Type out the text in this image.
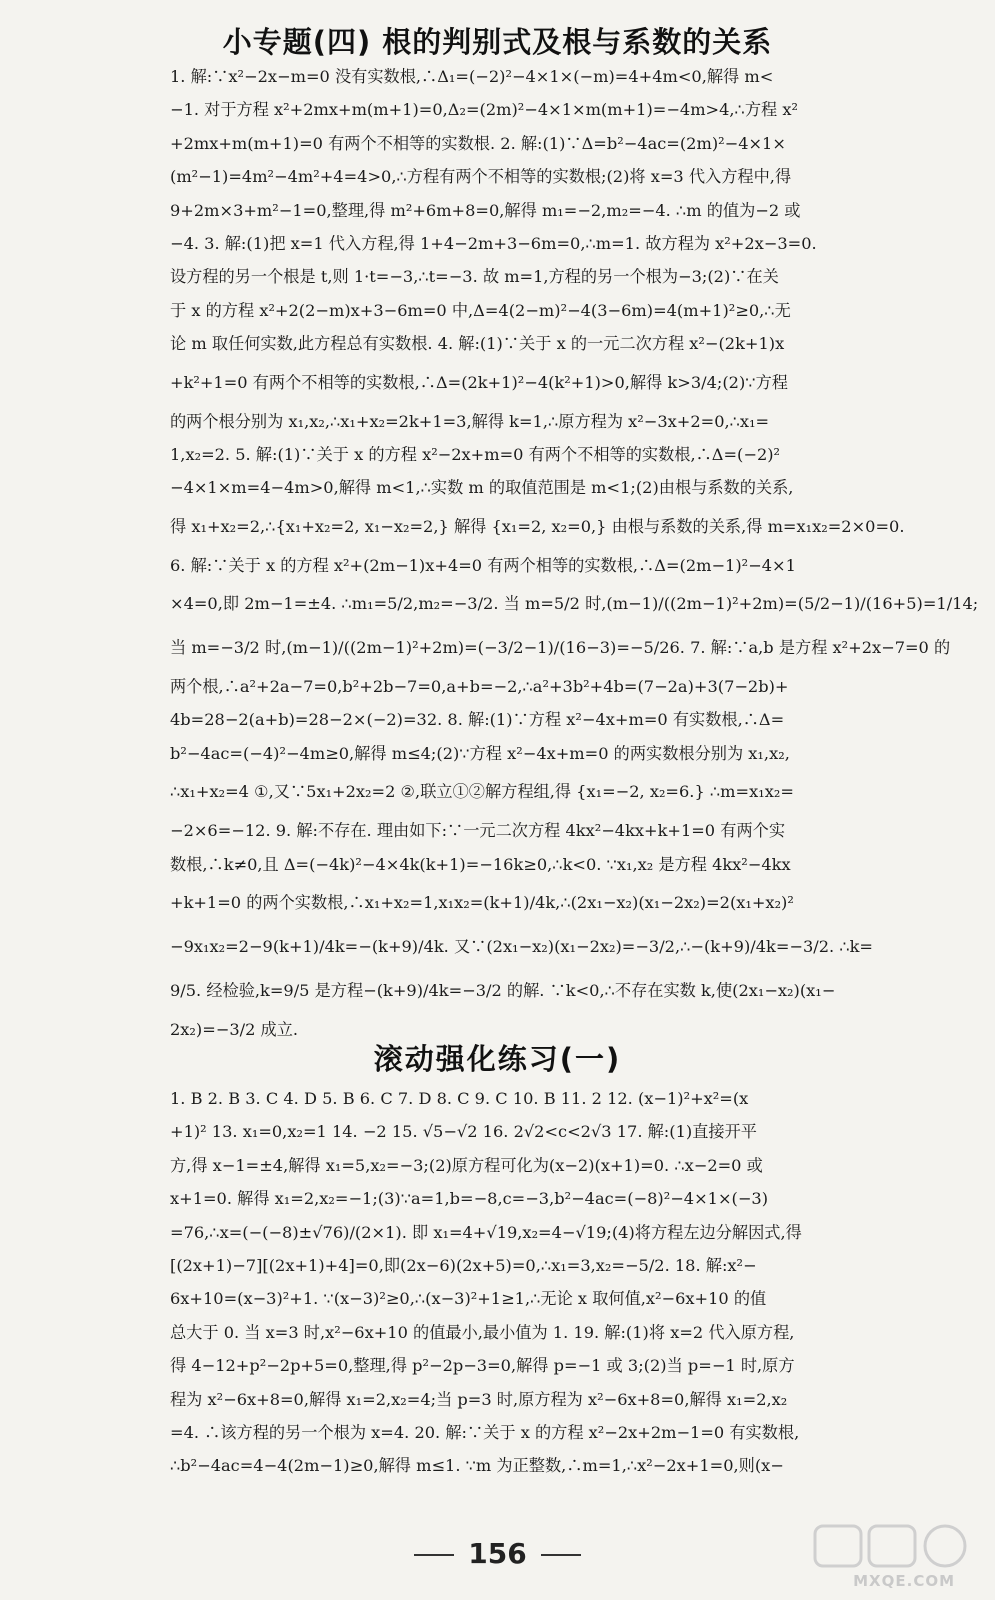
小专题(四) 根的判别式及根与系数的关系
1. 解:∵x²−2x−m=0 没有实数根,∴Δ₁=(−2)²−4×1×(−m)=4+4m<0,解得 m<
−1. 对于方程 x²+2mx+m(m+1)=0,Δ₂=(2m)²−4×1×m(m+1)=−4m>4,∴方程 x²
+2mx+m(m+1)=0 有两个不相等的实数根. 2. 解:(1)∵Δ=b²−4ac=(2m)²−4×1×
(m²−1)=4m²−4m²+4=4>0,∴方程有两个不相等的实数根;(2)将 x=3 代入方程中,得
9+2m×3+m²−1=0,整理,得 m²+6m+8=0,解得 m₁=−2,m₂=−4. ∴m 的值为−2 或
−4. 3. 解:(1)把 x=1 代入方程,得 1+4−2m+3−6m=0,∴m=1. 故方程为 x²+2x−3=0.
设方程的另一个根是 t,则 1·t=−3,∴t=−3. 故 m=1,方程的另一个根为−3;(2)∵在关
于 x 的方程 x²+2(2−m)x+3−6m=0 中,Δ=4(2−m)²−4(3−6m)=4(m+1)²≥0,∴无
论 m 取任何实数,此方程总有实数根. 4. 解:(1)∵关于 x 的一元二次方程 x²−(2k+1)x
+k²+1=0 有两个不相等的实数根,∴Δ=(2k+1)²−4(k²+1)>0,解得 k>3/4;(2)∵方程
的两个根分别为 x₁,x₂,∴x₁+x₂=2k+1=3,解得 k=1,∴原方程为 x²−3x+2=0,∴x₁=
1,x₂=2. 5. 解:(1)∵关于 x 的方程 x²−2x+m=0 有两个不相等的实数根,∴Δ=(−2)²
−4×1×m=4−4m>0,解得 m<1,∴实数 m 的取值范围是 m<1;(2)由根与系数的关系,
得 x₁+x₂=2,∴{x₁+x₂=2, x₁−x₂=2,} 解得 {x₁=2, x₂=0,} 由根与系数的关系,得 m=x₁x₂=2×0=0.
6. 解:∵关于 x 的方程 x²+(2m−1)x+4=0 有两个相等的实数根,∴Δ=(2m−1)²−4×1
×4=0,即 2m−1=±4. ∴m₁=5/2,m₂=−3/2. 当 m=5/2 时,(m−1)/((2m−1)²+2m)=(5/2−1)/(16+5)=1/14;
当 m=−3/2 时,(m−1)/((2m−1)²+2m)=(−3/2−1)/(16−3)=−5/26. 7. 解:∵a,b 是方程 x²+2x−7=0 的
两个根,∴a²+2a−7=0,b²+2b−7=0,a+b=−2,∴a²+3b²+4b=(7−2a)+3(7−2b)+
4b=28−2(a+b)=28−2×(−2)=32. 8. 解:(1)∵方程 x²−4x+m=0 有实数根,∴Δ=
b²−4ac=(−4)²−4m≥0,解得 m≤4;(2)∵方程 x²−4x+m=0 的两实数根分别为 x₁,x₂,
∴x₁+x₂=4 ①,又∵5x₁+2x₂=2 ②,联立①②解方程组,得 {x₁=−2, x₂=6.} ∴m=x₁x₂=
−2×6=−12. 9. 解:不存在. 理由如下:∵一元二次方程 4kx²−4kx+k+1=0 有两个实
数根,∴k≠0,且 Δ=(−4k)²−4×4k(k+1)=−16k≥0,∴k<0. ∵x₁,x₂ 是方程 4kx²−4kx
+k+1=0 的两个实数根,∴x₁+x₂=1,x₁x₂=(k+1)/4k,∴(2x₁−x₂)(x₁−2x₂)=2(x₁+x₂)²
−9x₁x₂=2−9(k+1)/4k=−(k+9)/4k. 又∵(2x₁−x₂)(x₁−2x₂)=−3/2,∴−(k+9)/4k=−3/2. ∴k=
9/5. 经检验,k=9/5 是方程−(k+9)/4k=−3/2 的解. ∵k<0,∴不存在实数 k,使(2x₁−x₂)(x₁−
2x₂)=−3/2 成立.
滚动强化练习(一)
1. B 2. B 3. C 4. D 5. B 6. C 7. D 8. C 9. C 10. B 11. 2 12. (x−1)²+x²=(x
+1)² 13. x₁=0,x₂=1 14. −2 15. √5−√2 16. 2√2<c<2√3 17. 解:(1)直接开平
方,得 x−1=±4,解得 x₁=5,x₂=−3;(2)原方程可化为(x−2)(x+1)=0. ∴x−2=0 或
x+1=0. 解得 x₁=2,x₂=−1;(3)∵a=1,b=−8,c=−3,b²−4ac=(−8)²−4×1×(−3)
=76,∴x=(−(−8)±√76)/(2×1). 即 x₁=4+√19,x₂=4−√19;(4)将方程左边分解因式,得
[(2x+1)−7][(2x+1)+4]=0,即(2x−6)(2x+5)=0,∴x₁=3,x₂=−5/2. 18. 解:x²−
6x+10=(x−3)²+1. ∵(x−3)²≥0,∴(x−3)²+1≥1,∴无论 x 取何值,x²−6x+10 的值
总大于 0. 当 x=3 时,x²−6x+10 的值最小,最小值为 1. 19. 解:(1)将 x=2 代入原方程,
得 4−12+p²−2p+5=0,整理,得 p²−2p−3=0,解得 p=−1 或 3;(2)当 p=−1 时,原方
程为 x²−6x+8=0,解得 x₁=2,x₂=4;当 p=3 时,原方程为 x²−6x+8=0,解得 x₁=2,x₂
=4. ∴该方程的另一个根为 x=4. 20. 解:∵关于 x 的方程 x²−2x+2m−1=0 有实数根,
∴b²−4ac=4−4(2m−1)≥0,解得 m≤1. ∵m 为正整数,∴m=1,∴x²−2x+1=0,则(x−
156
MXQE.COM
